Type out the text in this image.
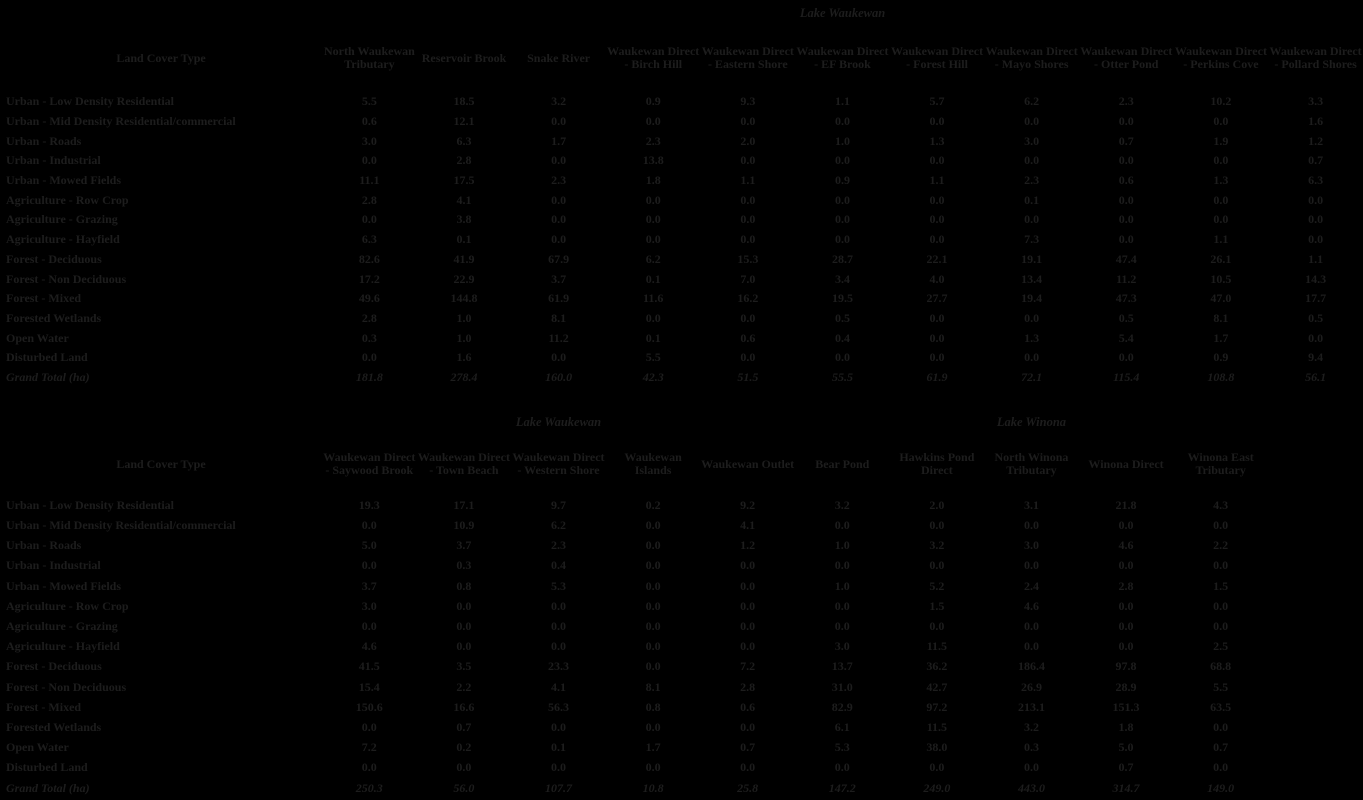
	Lake Waukewan										
Land Cover Type	North Waukewan Tributary	Reservoir Brook	Snake River	Waukewan Direct - Birch Hill	Waukewan Direct - Eastern Shore	Waukewan Direct - EF Brook	Waukewan Direct - Forest Hill	Waukewan Direct - Mayo Shores	Waukewan Direct - Otter Pond	Waukewan Direct - Perkins Cove	Waukewan Direct - Pollard Shores
Urban - Low Density Residential	5.5	18.5	3.2	0.9	9.3	1.1	5.7	6.2	2.3	10.2	3.3
Urban - Mid Density Residential/commercial	0.6	12.1	0.0	0.0	0.0	0.0	0.0	0.0	0.0	0.0	1.6
Urban - Roads	3.0	6.3	1.7	2.3	2.0	1.0	1.3	3.0	0.7	1.9	1.2
Urban - Industrial	0.0	2.8	0.0	13.8	0.0	0.0	0.0	0.0	0.0	0.0	0.7
Urban - Mowed Fields	11.1	17.5	2.3	1.8	1.1	0.9	1.1	2.3	0.6	1.3	6.3
Agriculture - Row Crop	2.8	4.1	0.0	0.0	0.0	0.0	0.0	0.1	0.0	0.0	0.0
Agriculture - Grazing	0.0	3.8	0.0	0.0	0.0	0.0	0.0	0.0	0.0	0.0	0.0
Agriculture - Hayfield	6.3	0.1	0.0	0.0	0.0	0.0	0.0	7.3	0.0	1.1	0.0
Forest - Deciduous	82.6	41.9	67.9	6.2	15.3	28.7	22.1	19.1	47.4	26.1	1.1
Forest - Non Deciduous	17.2	22.9	3.7	0.1	7.0	3.4	4.0	13.4	11.2	10.5	14.3
Forest - Mixed	49.6	144.8	61.9	11.6	16.2	19.5	27.7	19.4	47.3	47.0	17.7
Forested Wetlands	2.8	1.0	8.1	0.0	0.0	0.5	0.0	0.0	0.5	8.1	0.5
Open Water	0.3	1.0	11.2	0.1	0.6	0.4	0.0	1.3	5.4	1.7	0.0
Disturbed Land	0.0	1.6	0.0	5.5	0.0	0.0	0.0	0.0	0.0	0.9	9.4
Grand Total (ha)	181.8	278.4	160.0	42.3	51.5	55.5	61.9	72.1	115.4	108.8	56.1
	Lake Waukewan					Lake Winona					
Land Cover Type	Waukewan Direct - Saywood Brook	Waukewan Direct - Town Beach	Waukewan Direct - Western Shore	Waukewan Islands	Waukewan Outlet	Bear Pond	Hawkins Pond Direct	North Winona Tributary	Winona Direct	Winona East Tributary	
Urban - Low Density Residential	19.3	17.1	9.7	0.2	9.2	3.2	2.0	3.1	21.8	4.3	
Urban - Mid Density Residential/commercial	0.0	10.9	6.2	0.0	4.1	0.0	0.0	0.0	0.0	0.0	
Urban - Roads	5.0	3.7	2.3	0.0	1.2	1.0	3.2	3.0	4.6	2.2	
Urban - Industrial	0.0	0.3	0.4	0.0	0.0	0.0	0.0	0.0	0.0	0.0	
Urban - Mowed Fields	3.7	0.8	5.3	0.0	0.0	1.0	5.2	2.4	2.8	1.5	
Agriculture - Row Crop	3.0	0.0	0.0	0.0	0.0	0.0	1.5	4.6	0.0	0.0	
Agriculture - Grazing	0.0	0.0	0.0	0.0	0.0	0.0	0.0	0.0	0.0	0.0	
Agriculture - Hayfield	4.6	0.0	0.0	0.0	0.0	3.0	11.5	0.0	0.0	2.5	
Forest - Deciduous	41.5	3.5	23.3	0.0	7.2	13.7	36.2	186.4	97.8	68.8	
Forest - Non Deciduous	15.4	2.2	4.1	8.1	2.8	31.0	42.7	26.9	28.9	5.5	
Forest - Mixed	150.6	16.6	56.3	0.8	0.6	82.9	97.2	213.1	151.3	63.5	
Forested Wetlands	0.0	0.7	0.0	0.0	0.0	6.1	11.5	3.2	1.8	0.0	
Open Water	7.2	0.2	0.1	1.7	0.7	5.3	38.0	0.3	5.0	0.7	
Disturbed Land	0.0	0.0	0.0	0.0	0.0	0.0	0.0	0.0	0.7	0.0	
Grand Total (ha)	250.3	56.0	107.7	10.8	25.8	147.2	249.0	443.0	314.7	149.0	
